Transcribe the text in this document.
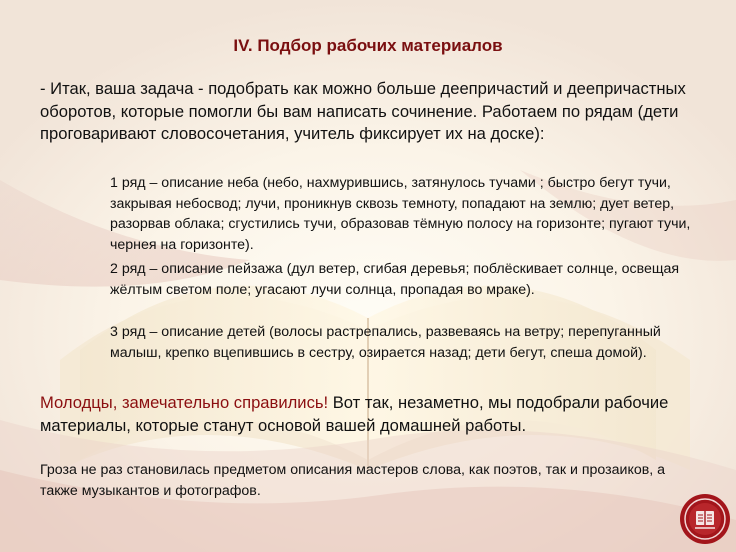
IV. Подбор рабочих материалов

- Итак, ваша задача - подобрать как можно больше деепричастий и деепричастных оборотов, которые помогли бы вам написать сочинение. Работаем по рядам (дети проговаривают словосочетания, учитель фиксирует их на доске):

1 ряд – описание неба (небо, нахмурившись, затянулось тучами ; быстро бегут тучи, закрывая небосвод; лучи, проникнув сквозь темноту, попадают на землю; дует ветер, разорвав облака; сгустились тучи, образовав тёмную полосу на горизонте; пугают тучи, чернея на горизонте).

2 ряд – описание пейзажа (дул ветер, сгибая деревья; поблёскивает солнце, освещая жёлтым светом поле; угасают лучи солнца, пропадая во мраке).

3 ряд – описание детей (волосы растрепались, развеваясь на ветру; перепуганный малыш, крепко вцепившись в сестру, озирается назад; дети бегут, спеша домой).

Молодцы, замечательно справились! Вот так, незаметно, мы подобрали рабочие материалы, которые станут основой вашей домашней работы.

Гроза не раз становилась предметом описания мастеров слова, как поэтов, так и прозаиков, а также музыкантов и фотографов.
